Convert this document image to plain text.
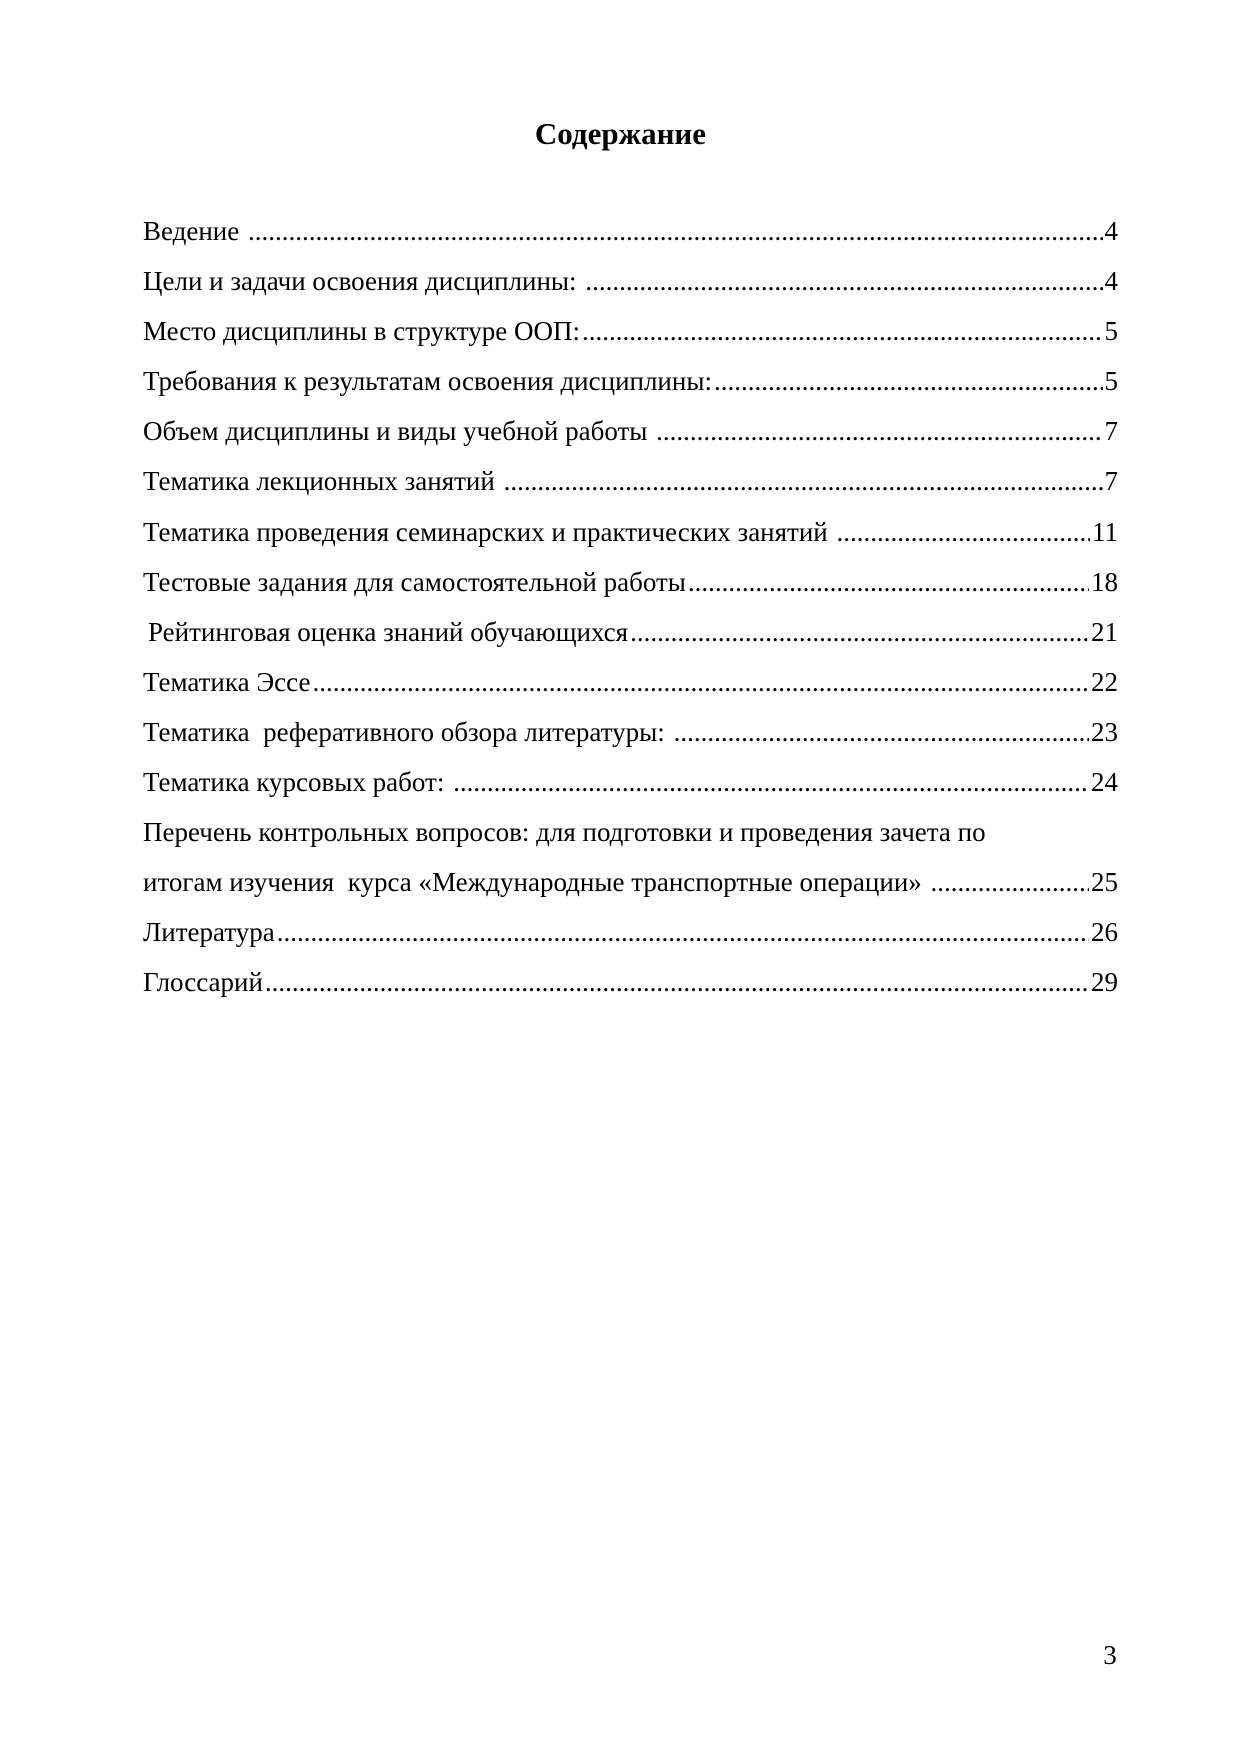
Содержание
Ведение .....	4
Цели и задачи освоения дисциплины: .....	4
Место дисциплины в структуре ООП: .....	5
Требования к результатам освоения дисциплины: .....	5
Объем дисциплины и виды учебной работы .....	7
Тематика лекционных занятий .....	7
Тематика проведения семинарских и практических занятий .....	11
Тестовые задания для самостоятельной работы .....	18
Рейтинговая оценка знаний обучающихся .....	21
Тематика Эссе .....	22
Тематика  реферативного обзора литературы: .....	23
Тематика курсовых работ: .....	24
Перечень контрольных вопросов: для подготовки и проведения зачета по
итогам изучения  курса «Международные транспортные операции» .....	25
Литература .....	26
Глоссарий .....	29
3
